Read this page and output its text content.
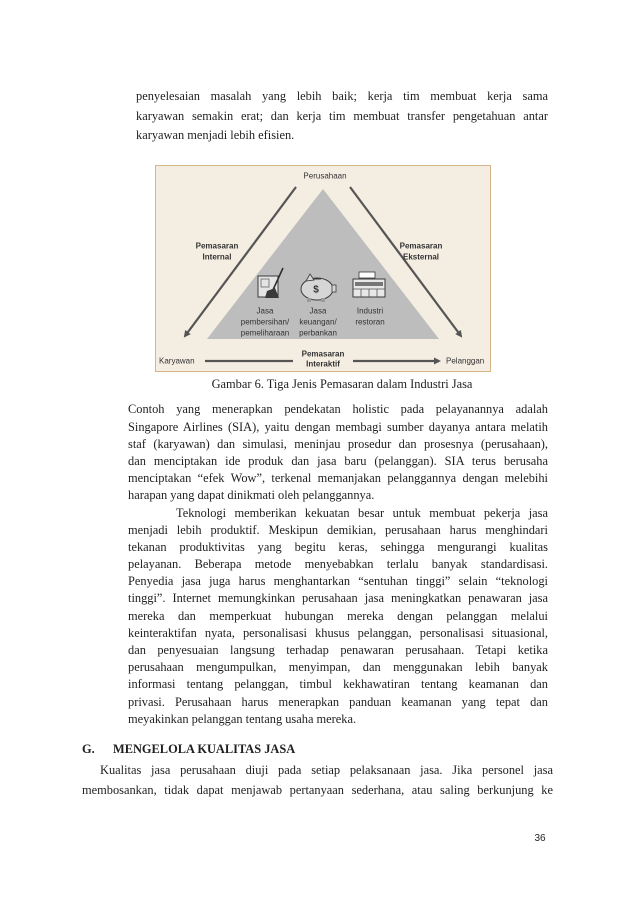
penyelesaian masalah yang lebih baik; kerja tim membuat kerja sama
karyawan semakin erat; dan kerja tim membuat transfer pengetahuan antar
karyawan menjadi lebih efisien.
Perusahaan
Pemasaran
Internal
Pemasaran
Eksternal
$
Jasa
pembersihan/
pemeliharaan
Jasa
keuangan/
perbankan
Industri
restoran
Karyawan	Pelanggan
Pemasaran
Interaktif
Gambar 6. Tiga Jenis Pemasaran dalam Industri Jasa
Contoh yang menerapkan pendekatan holistic pada pelayanannya adalah
Singapore Airlines (SIA), yaitu dengan membagi sumber dayanya antara melatih
staf (karyawan) dan simulasi, meninjau prosedur dan prosesnya (perusahaan),
dan menciptakan ide produk dan jasa baru (pelanggan). SIA terus berusaha
menciptakan “efek Wow”, terkenal memanjakan pelanggannya dengan melebihi
harapan yang dapat dinikmati oleh pelanggannya.
Teknologi memberikan kekuatan besar untuk membuat pekerja jasa
menjadi lebih produktif. Meskipun demikian, perusahaan harus menghindari
tekanan produktivitas yang begitu keras, sehingga mengurangi kualitas
pelayanan. Beberapa metode menyebabkan terlalu banyak standardisasi.
Penyedia jasa juga harus menghantarkan “sentuhan tinggi” selain “teknologi
tinggi”. Internet memungkinkan perusahaan jasa meningkatkan penawaran jasa
mereka dan memperkuat hubungan mereka dengan pelanggan melalui
keinteraktifan nyata, personalisasi khusus pelanggan, personalisasi situasional,
dan penyesuaian langsung terhadap penawaran perusahaan. Tetapi ketika
perusahaan mengumpulkan, menyimpan, dan menggunakan lebih banyak
informasi tentang pelanggan, timbul kekhawatiran tentang keamanan dan
privasi. Perusahaan harus menerapkan panduan keamanan yang tepat dan
meyakinkan pelanggan tentang usaha mereka.
G. MENGELOLA KUALITAS JASA
Kualitas jasa perusahaan diuji pada setiap pelaksanaan jasa. Jika personel jasa
membosankan, tidak dapat menjawab pertanyaan sederhana, atau saling berkunjung ke
36
